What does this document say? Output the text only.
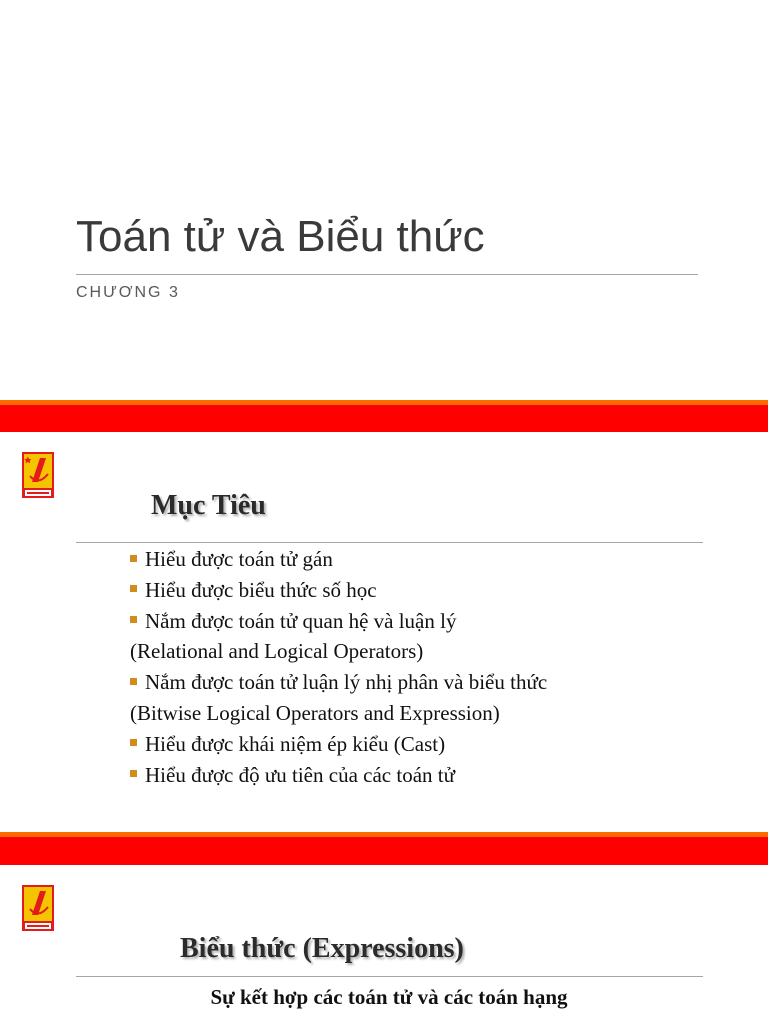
Toán tử và Biểu thức
CHƯƠNG 3
Mục Tiêu
Hiểu được toán tử gán
Hiểu được biểu thức số học
Nắm được toán tử quan hệ và luận lý
(Relational and Logical Operators)
Nắm được toán tử luận lý nhị phân và biểu thức
(Bitwise Logical Operators and Expression)
Hiểu được khái niệm ép kiểu (Cast)
Hiểu được độ ưu tiên của các toán tử
Biểu thức (Expressions)
Sự kết hợp các toán tử và các toán hạng
